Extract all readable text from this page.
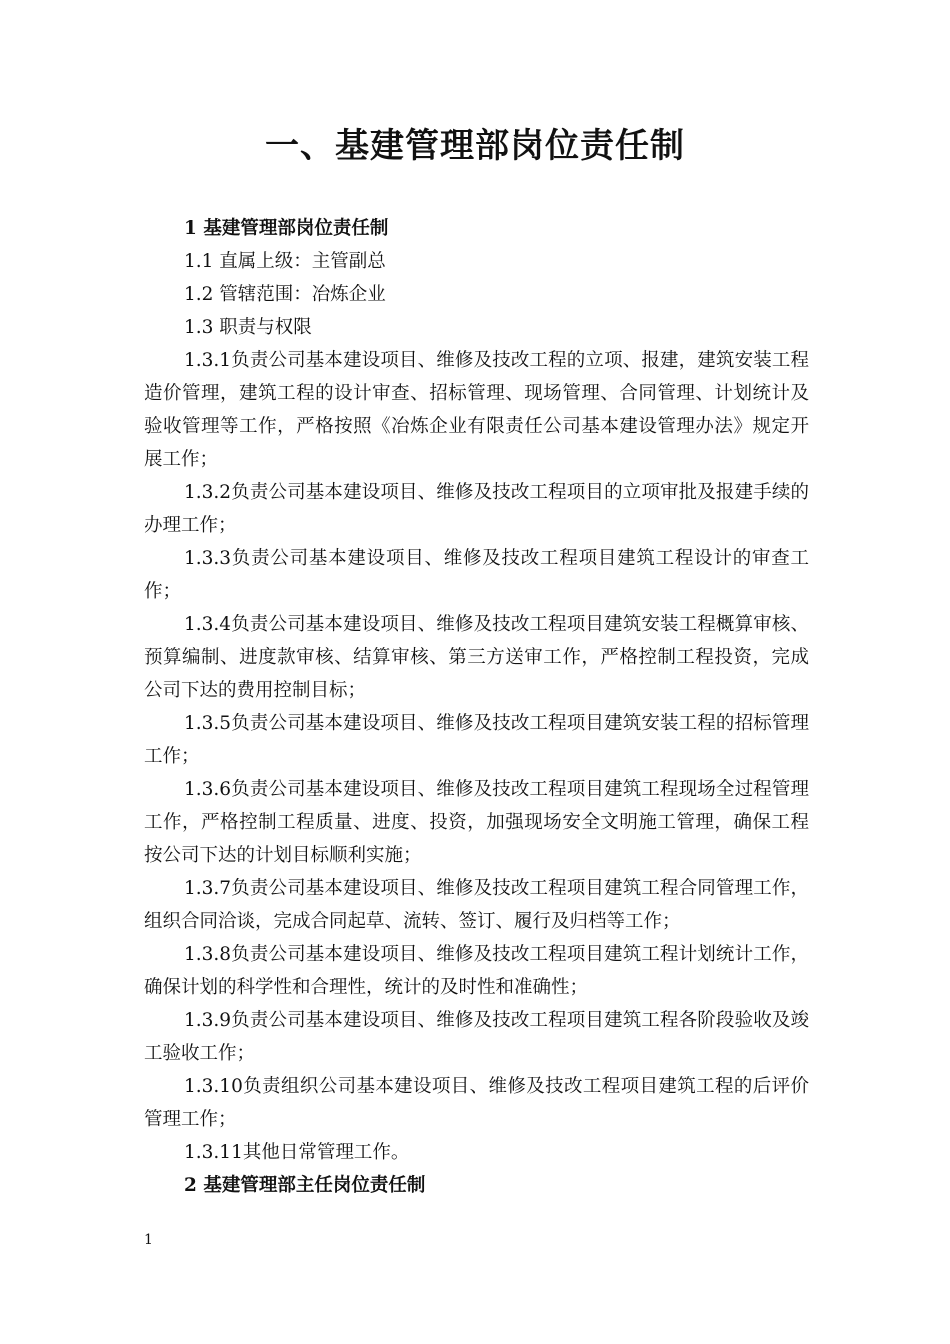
一、基建管理部岗位责任制

1 基建管理部岗位责任制

1.1 直属上级：主管副总

1.2 管辖范围：冶炼企业

1.3 职责与权限

1.3.1负责公司基本建设项目、维修及技改工程的立项、报建，建筑安装工程造价管理，建筑工程的设计审查、招标管理、现场管理、合同管理、计划统计及验收管理等工作，严格按照《冶炼企业有限责任公司基本建设管理办法》规定开展工作；

1.3.2负责公司基本建设项目、维修及技改工程项目的立项审批及报建手续的办理工作；

1.3.3负责公司基本建设项目、维修及技改工程项目建筑工程设计的审查工作；

1.3.4负责公司基本建设项目、维修及技改工程项目建筑安装工程概算审核、预算编制、进度款审核、结算审核、第三方送审工作，严格控制工程投资，完成公司下达的费用控制目标；

1.3.5负责公司基本建设项目、维修及技改工程项目建筑安装工程的招标管理工作；

1.3.6负责公司基本建设项目、维修及技改工程项目建筑工程现场全过程管理工作，严格控制工程质量、进度、投资，加强现场安全文明施工管理，确保工程按公司下达的计划目标顺利实施；

1.3.7负责公司基本建设项目、维修及技改工程项目建筑工程合同管理工作，组织合同洽谈，完成合同起草、流转、签订、履行及归档等工作；

1.3.8负责公司基本建设项目、维修及技改工程项目建筑工程计划统计工作，确保计划的科学性和合理性，统计的及时性和准确性；

1.3.9负责公司基本建设项目、维修及技改工程项目建筑工程各阶段验收及竣工验收工作；

1.3.10负责组织公司基本建设项目、维修及技改工程项目建筑工程的后评价管理工作；

1.3.11其他日常管理工作。

2 基建管理部主任岗位责任制

1
